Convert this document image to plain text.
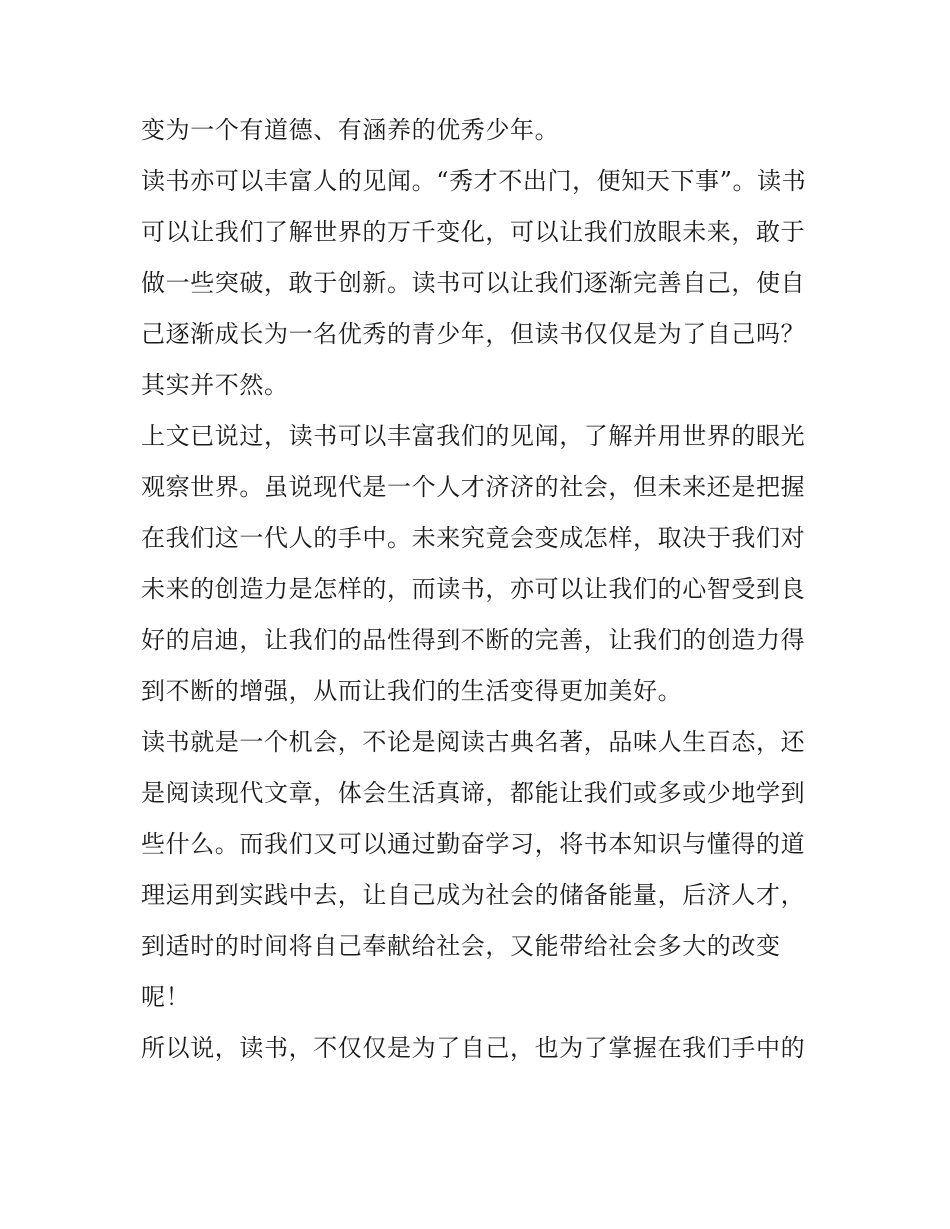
变为一个有道德、有涵养的优秀少年。
读书亦可以丰富人的见闻。“秀才不出门，便知天下事”。读书
可以让我们了解世界的万千变化，可以让我们放眼未来，敢于
做一些突破，敢于创新。读书可以让我们逐渐完善自己，使自
己逐渐成长为一名优秀的青少年，但读书仅仅是为了自己吗？
其实并不然。
上文已说过，读书可以丰富我们的见闻，了解并用世界的眼光
观察世界。虽说现代是一个人才济济的社会，但未来还是把握
在我们这一代人的手中。未来究竟会变成怎样，取决于我们对
未来的创造力是怎样的，而读书，亦可以让我们的心智受到良
好的启迪，让我们的品性得到不断的完善，让我们的创造力得
到不断的增强，从而让我们的生活变得更加美好。
读书就是一个机会，不论是阅读古典名著，品味人生百态，还
是阅读现代文章，体会生活真谛，都能让我们或多或少地学到
些什么。而我们又可以通过勤奋学习，将书本知识与懂得的道
理运用到实践中去，让自己成为社会的储备能量，后济人才，
到适时的时间将自己奉献给社会，又能带给社会多大的改变
呢！
所以说，读书，不仅仅是为了自己，也为了掌握在我们手中的
